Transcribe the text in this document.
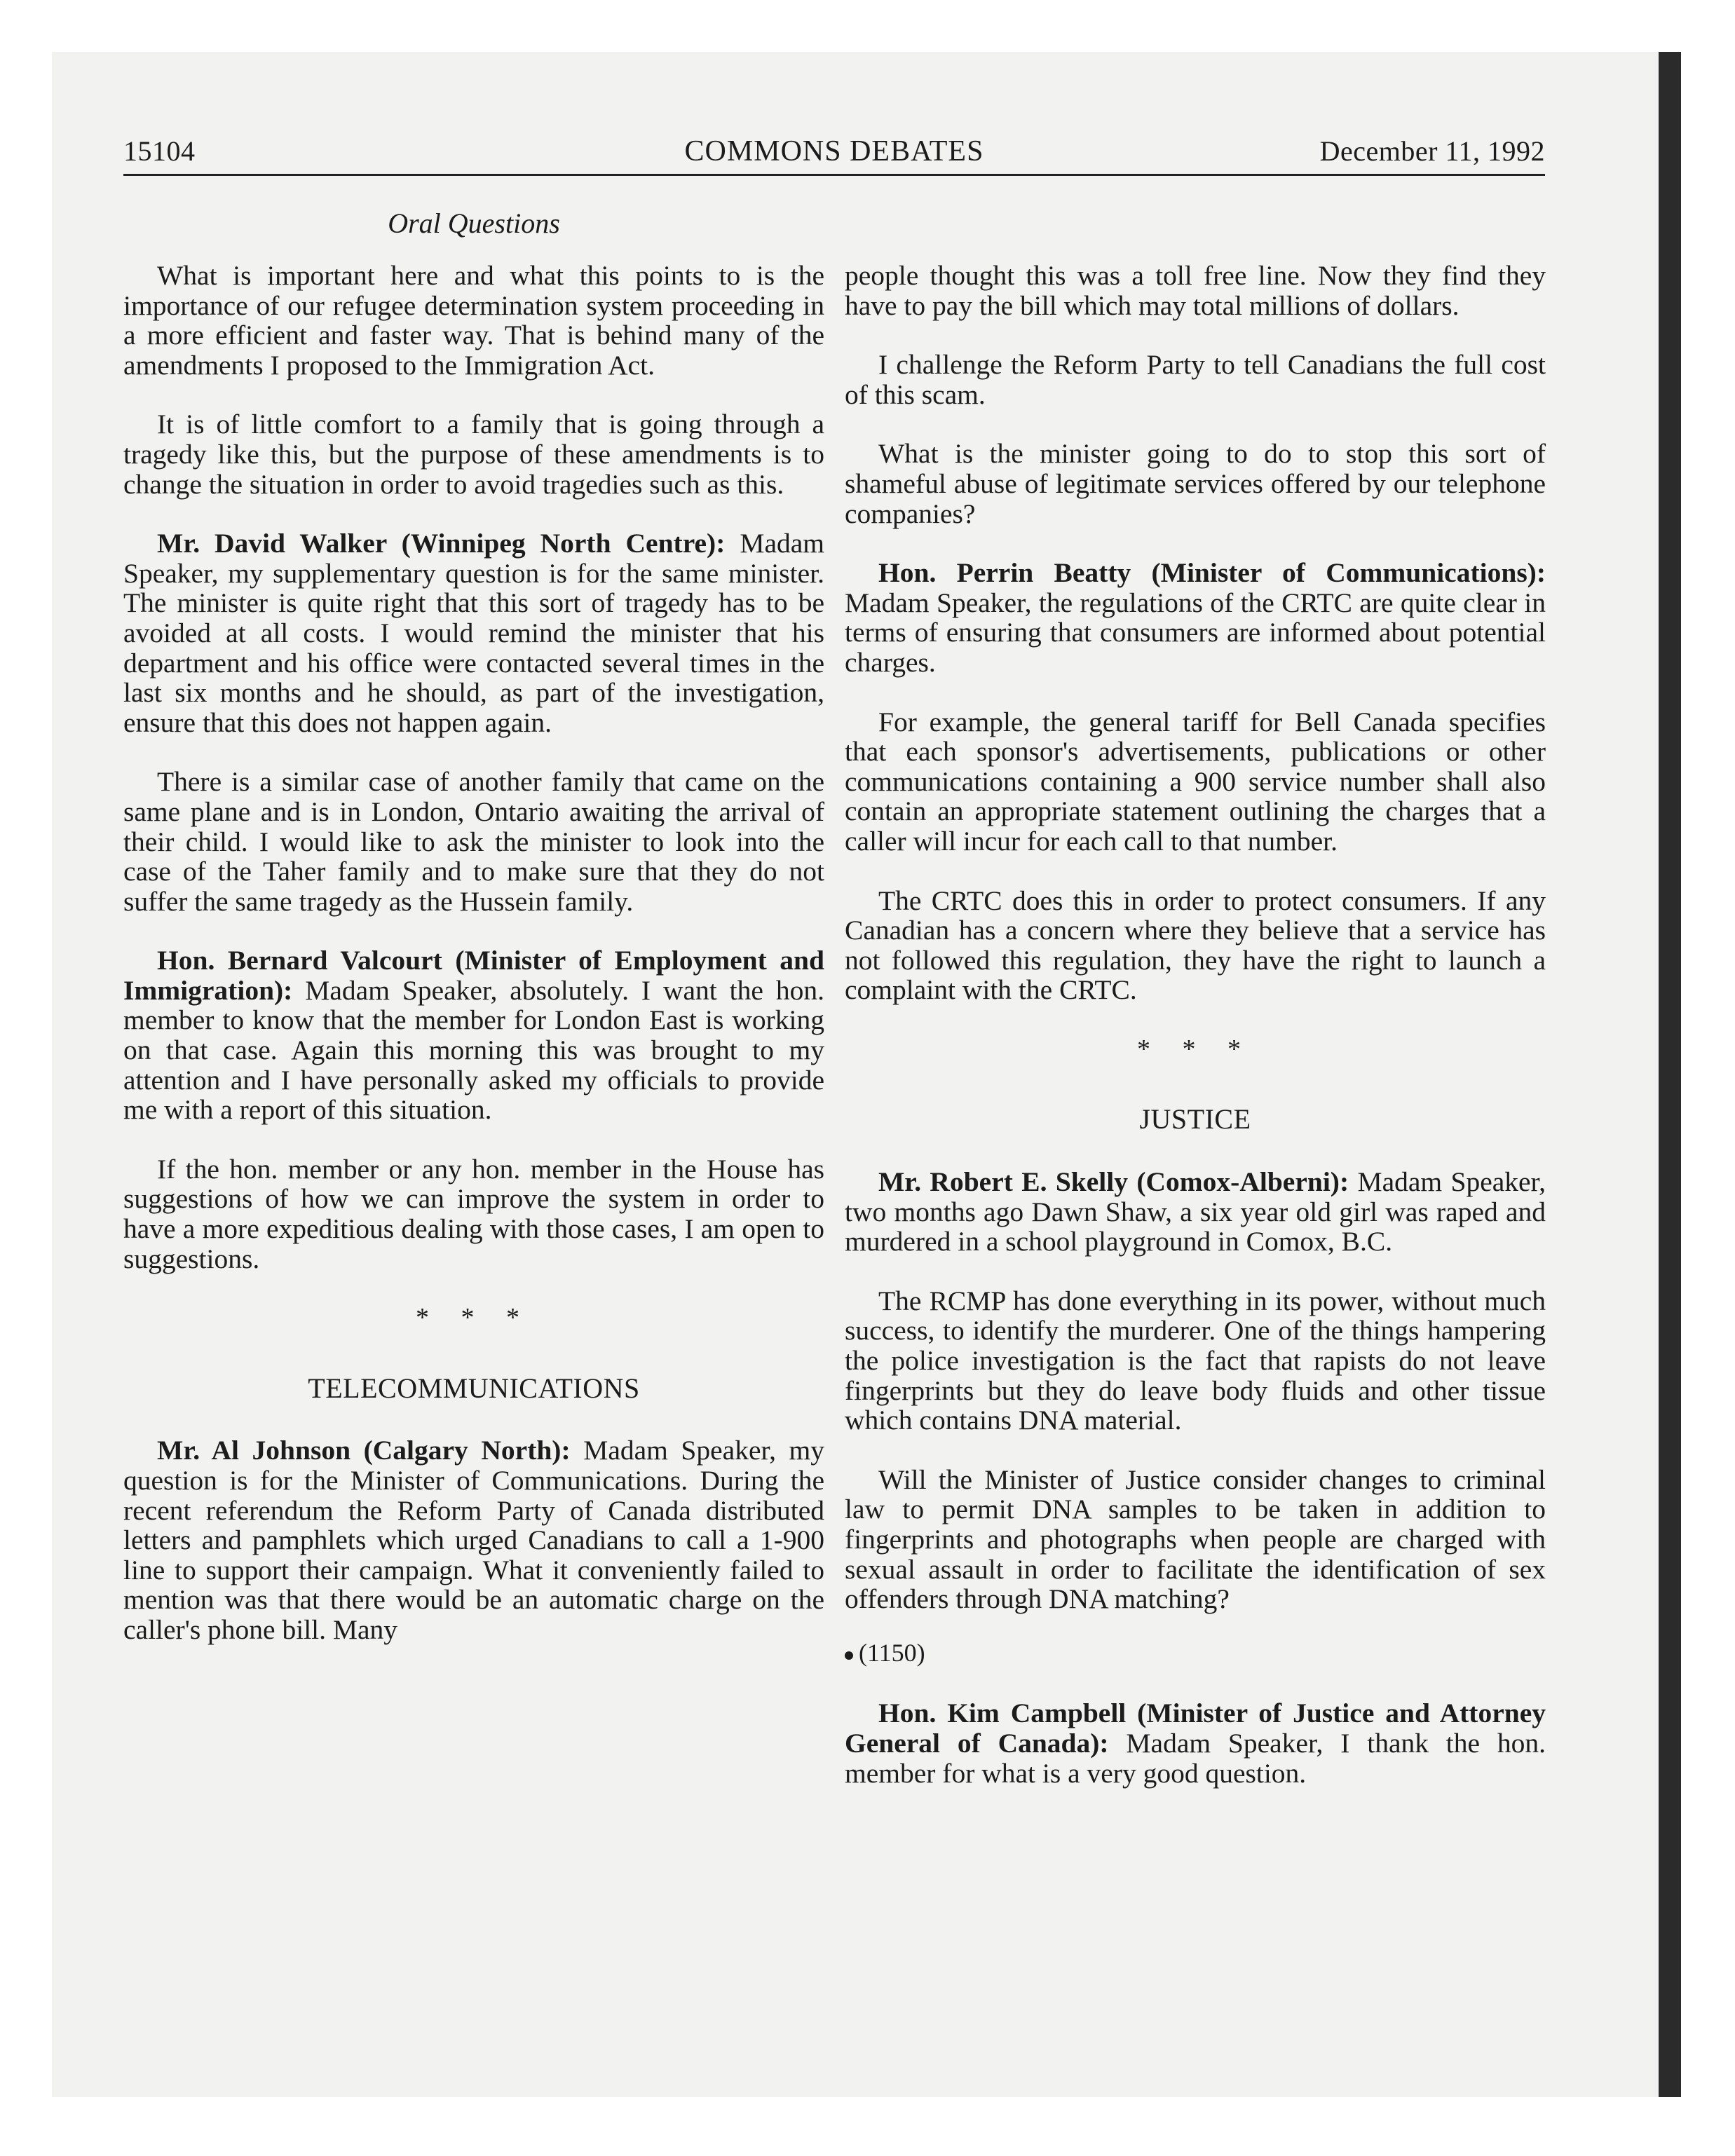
15104	COMMONS DEBATES	December 11, 1992
Oral Questions

What is important here and what this points to is the importance of our refugee determination system proceeding in a more efficient and faster way. That is behind many of the amendments I proposed to the Immigration Act.

It is of little comfort to a family that is going through a tragedy like this, but the purpose of these amendments is to change the situation in order to avoid tragedies such as this.

Mr. David Walker (Winnipeg North Centre): Madam Speaker, my supplementary question is for the same minister. The minister is quite right that this sort of tragedy has to be avoided at all costs. I would remind the minister that his department and his office were contacted several times in the last six months and he should, as part of the investigation, ensure that this does not happen again.

There is a similar case of another family that came on the same plane and is in London, Ontario awaiting the arrival of their child. I would like to ask the minister to look into the case of the Taher family and to make sure that they do not suffer the same tragedy as the Hussein family.

Hon. Bernard Valcourt (Minister of Employment and Immigration): Madam Speaker, absolutely. I want the hon. member to know that the member for London East is working on that case. Again this morning this was brought to my attention and I have personally asked my officials to provide me with a report of this situation.

If the hon. member or any hon. member in the House has suggestions of how we can improve the system in order to have a more expeditious dealing with those cases, I am open to suggestions.

* * *
TELECOMMUNICATIONS

Mr. Al Johnson (Calgary North): Madam Speaker, my question is for the Minister of Communications. During the recent referendum the Reform Party of Canada distributed letters and pamphlets which urged Canadians to call a 1-900 line to support their campaign. What it conveniently failed to mention was that there would be an automatic charge on the caller's phone bill. Many

people thought this was a toll free line. Now they find they have to pay the bill which may total millions of dollars.

I challenge the Reform Party to tell Canadians the full cost of this scam.

What is the minister going to do to stop this sort of shameful abuse of legitimate services offered by our telephone companies?

Hon. Perrin Beatty (Minister of Communications): Madam Speaker, the regulations of the CRTC are quite clear in terms of ensuring that consumers are informed about potential charges.

For example, the general tariff for Bell Canada specifies that each sponsor's advertisements, publications or other communications containing a 900 service number shall also contain an appropriate statement outlining the charges that a caller will incur for each call to that number.

The CRTC does this in order to protect consumers. If any Canadian has a concern where they believe that a service has not followed this regulation, they have the right to launch a complaint with the CRTC.

* * *
JUSTICE

Mr. Robert E. Skelly (Comox-Alberni): Madam Speaker, two months ago Dawn Shaw, a six year old girl was raped and murdered in a school playground in Comox, B.C.

The RCMP has done everything in its power, without much success, to identify the murderer. One of the things hampering the police investigation is the fact that rapists do not leave fingerprints but they do leave body fluids and other tissue which contains DNA material.

Will the Minister of Justice consider changes to criminal law to permit DNA samples to be taken in addition to fingerprints and photographs when people are charged with sexual assault in order to facilitate the identification of sex offenders through DNA matching?

(1150)

Hon. Kim Campbell (Minister of Justice and Attorney General of Canada): Madam Speaker, I thank the hon. member for what is a very good question.
